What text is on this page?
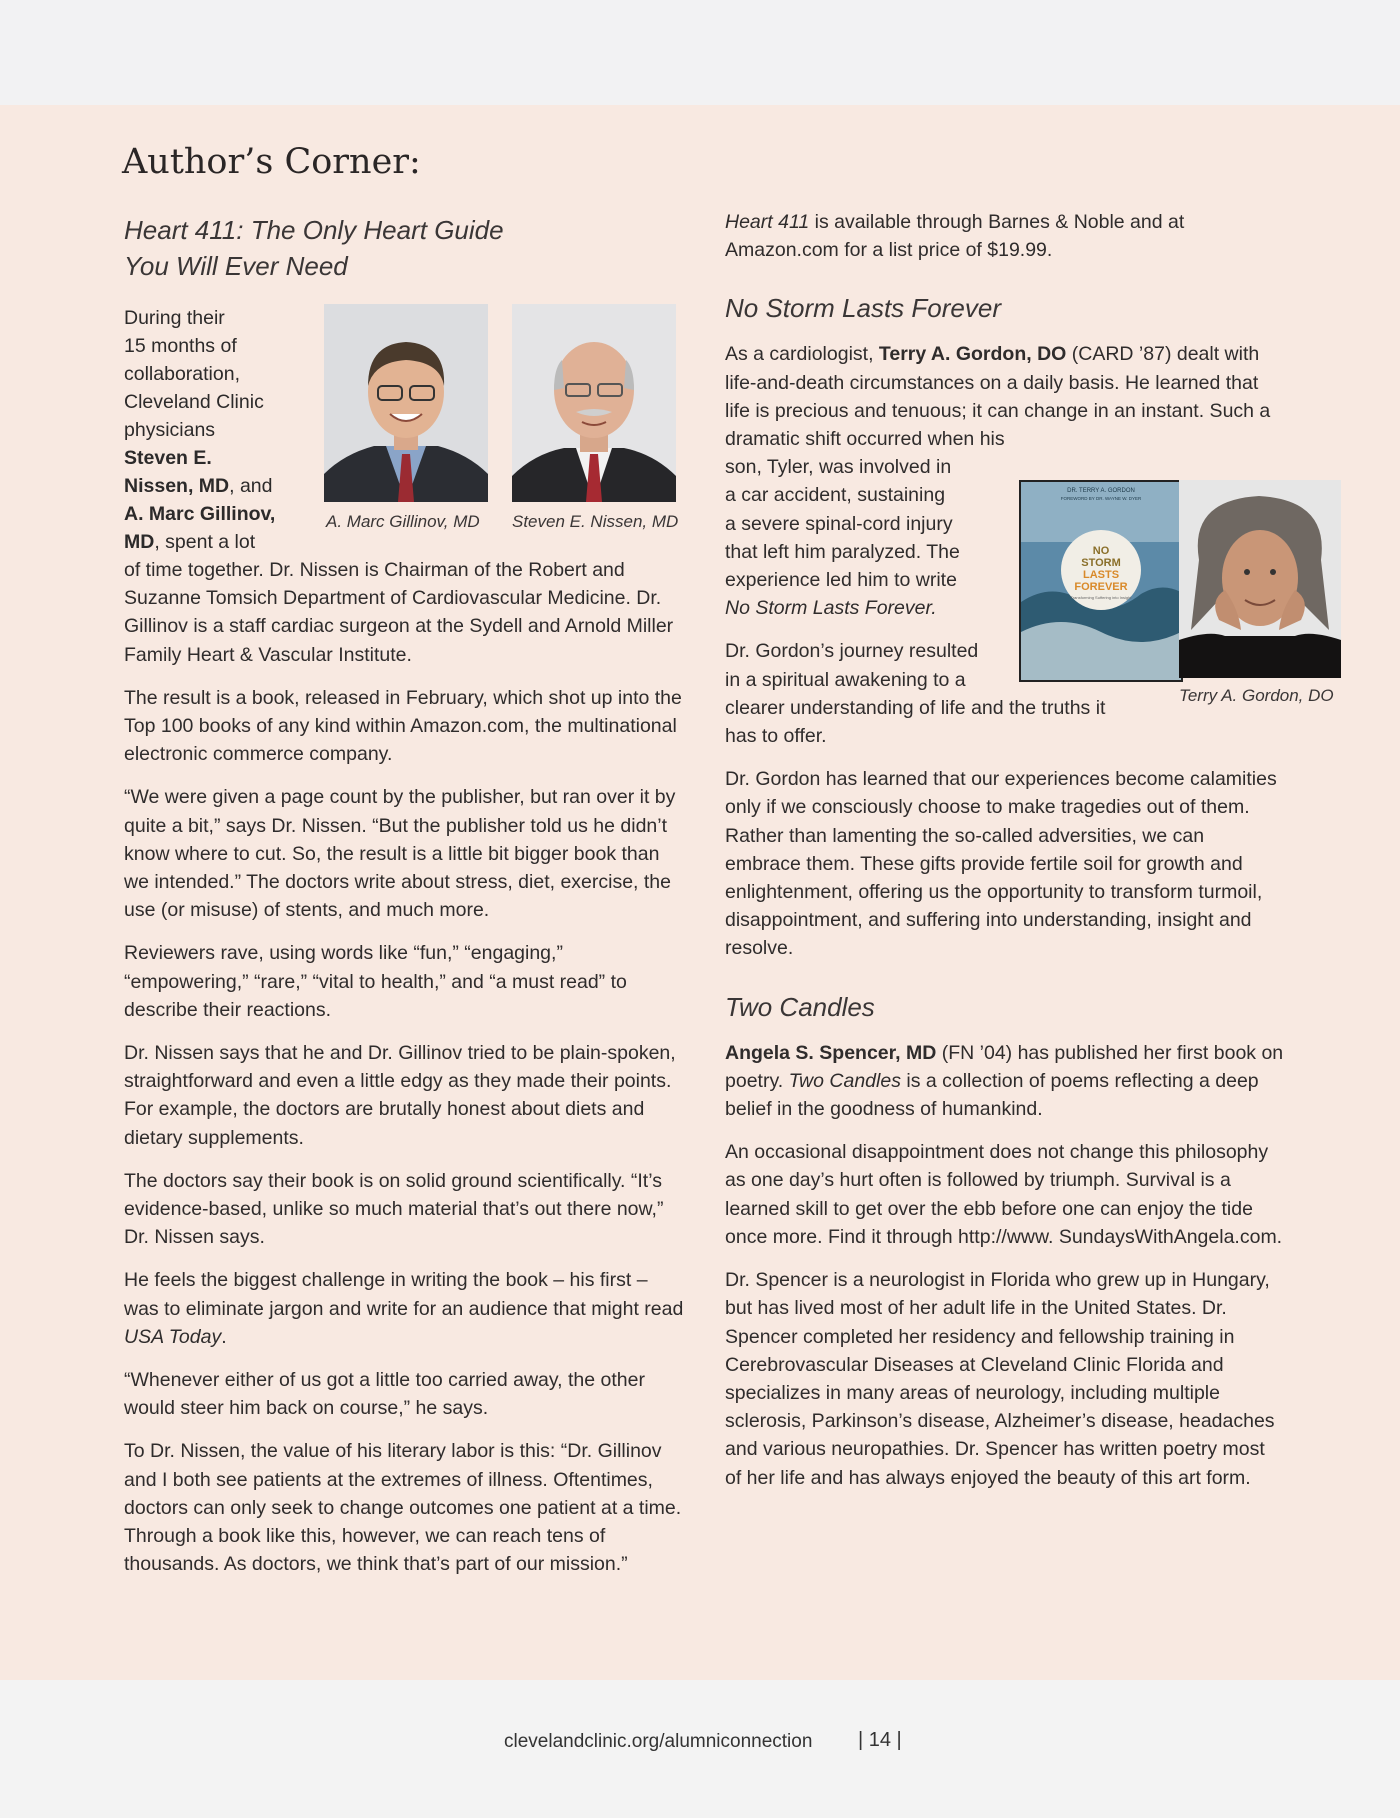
Author’s Corner:
Heart 411: The Only Heart Guide
You Will Ever Need
A. Marc Gillinov, MD Steven E. Nissen, MD
During their
15 months of
collaboration,
Cleveland Clinic
physicians
Steven E.
Nissen, MD, and
A. Marc Gillinov,
MD, spent a lot

of time together. Dr. Nissen is Chairman of the Robert and Suzanne Tomsich Department of Cardiovascular Medicine. Dr. Gillinov is a staff cardiac surgeon at the Sydell and Arnold Miller Family Heart & Vascular Institute.

The result is a book, released in February, which shot up into the Top 100 books of any kind within Amazon.com, the multinational electronic commerce company.

“We were given a page count by the publisher, but ran over it by quite a bit,” says Dr. Nissen. “But the publisher told us he didn’t know where to cut. So, the result is a little bit bigger book than we intended.” The doctors write about stress, diet, exercise, the use (or misuse) of stents, and much more.

Reviewers rave, using words like “fun,” “engaging,” “empowering,” “rare,” “vital to health,” and “a must read” to describe their reactions.

Dr. Nissen says that he and Dr. Gillinov tried to be plain-spoken, straightforward and even a little edgy as they made their points. For example, the doctors are brutally honest about diets and dietary supplements.

The doctors say their book is on solid ground scientifically. “It’s evidence-based, unlike so much material that’s out there now,” Dr. Nissen says.

He feels the biggest challenge in writing the book – his first – was to eliminate jargon and write for an audience that might read USA Today.

“Whenever either of us got a little too carried away, the other would steer him back on course,” he says.

To Dr. Nissen, the value of his literary labor is this: “Dr. Gillinov and I both see patients at the extremes of illness. Oftentimes, doctors can only seek to change outcomes one patient at a time. Through a book like this, however, we can reach tens of thousands. As doctors, we think that’s part of our mission.”

Heart 411 is available through Barnes & Noble and at Amazon.com for a list price of $19.99.

No Storm Lasts Forever

As a cardiologist, Terry A. Gordon, DO (CARD ’87) dealt with life-and-death circumstances on a daily basis. He learned that life is precious and tenuous; it can change in an instant. Such a dramatic shift occurred when his

son, Tyler, was involved in
a car accident, sustaining
a severe spinal-cord injury
that left him paralyzed. The
experience led him to write
No Storm Lasts Forever.

Dr. Gordon’s journey resulted
in a spiritual awakening to a
clearer understanding of life and the truths it has to offer.

Dr. Gordon has learned that our experiences become calamities only if we consciously choose to make tragedies out of them. Rather than lamenting the so-called adversities, we can embrace them. These gifts provide fertile soil for growth and enlightenment, offering us the opportunity to transform turmoil, disappointment, and suffering into understanding, insight and resolve.

Two Candles

Angela S. Spencer, MD (FN ’04) has published her first book on poetry. Two Candles is a collection of poems reflecting a deep belief in the goodness of humankind.

An occasional disappointment does not change this philosophy as one day’s hurt often is followed by triumph. Survival is a learned skill to get over the ebb before one can enjoy the tide once more. Find it through http://www. SundaysWithAngela.com.

Dr. Spencer is a neurologist in Florida who grew up in Hungary, but has lived most of her adult life in the United States. Dr. Spencer completed her residency and fellowship training in Cerebrovascular Diseases at Cleveland Clinic Florida and specializes in many areas of neurology, including multiple sclerosis, Parkinson’s disease, Alzheimer’s disease, headaches and various neuropathies. Dr. Spencer has written poetry most of her life and has always enjoyed the beauty of this art form.

DR. TERRY A. GORDON
FOREWORD BY DR. WAYNE W. DYER
NO
STORM
LASTS
FOREVER
Transforming Suffering into Insight
Terry A. Gordon, DO
clevelandclinic.org/alumniconnection | 14 |
